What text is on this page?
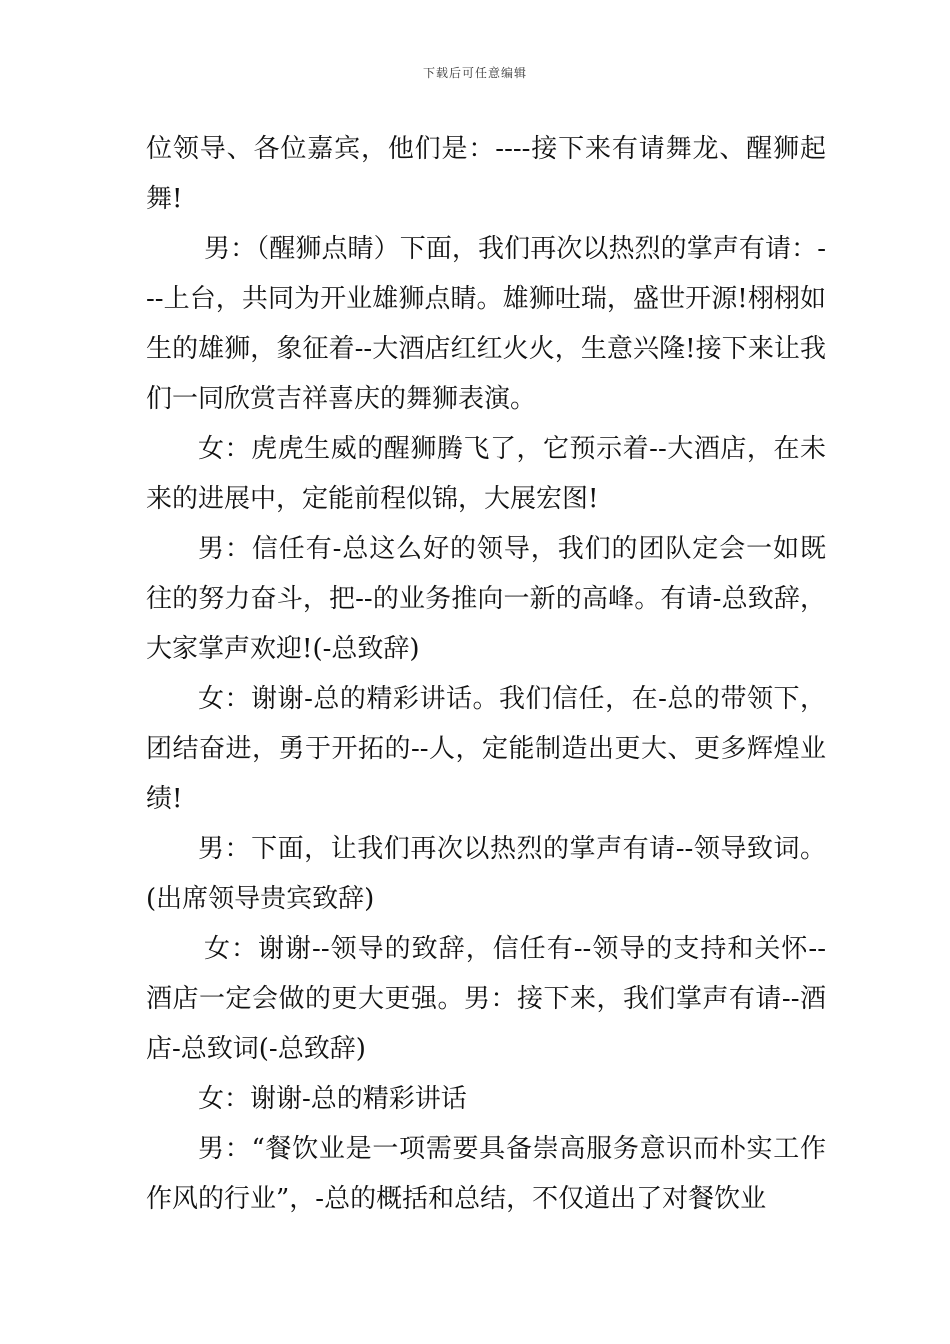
下载后可任意编辑

位领导、各位嘉宾，他们是：----接下来有请舞龙、醒狮起舞!

男：（醒狮点睛）下面，我们再次以热烈的掌声有请：---上台，共同为开业雄狮点睛。雄狮吐瑞，盛世开源!栩栩如生的雄狮，象征着--大酒店红红火火，生意兴隆!接下来让我们一同欣赏吉祥喜庆的舞狮表演。

女：虎虎生威的醒狮腾飞了，它预示着--大酒店，在未来的进展中，定能前程似锦，大展宏图!

男：信任有-总这么好的领导，我们的团队定会一如既往的努力奋斗，把--的业务推向一新的高峰。有请-总致辞，大家掌声欢迎!(-总致辞)

女：谢谢-总的精彩讲话。我们信任，在-总的带领下，团结奋进，勇于开拓的--人，定能制造出更大、更多辉煌业绩!

男：下面，让我们再次以热烈的掌声有请--领导致词。(出席领导贵宾致辞)

女：谢谢--领导的致辞，信任有--领导的支持和关怀--酒店一定会做的更大更强。男：接下来，我们掌声有请--酒店-总致词(-总致辞)

女：谢谢-总的精彩讲话

男：“餐饮业是一项需要具备崇高服务意识而朴实工作作风的行业”，-总的概括和总结，不仅道出了对餐饮业
